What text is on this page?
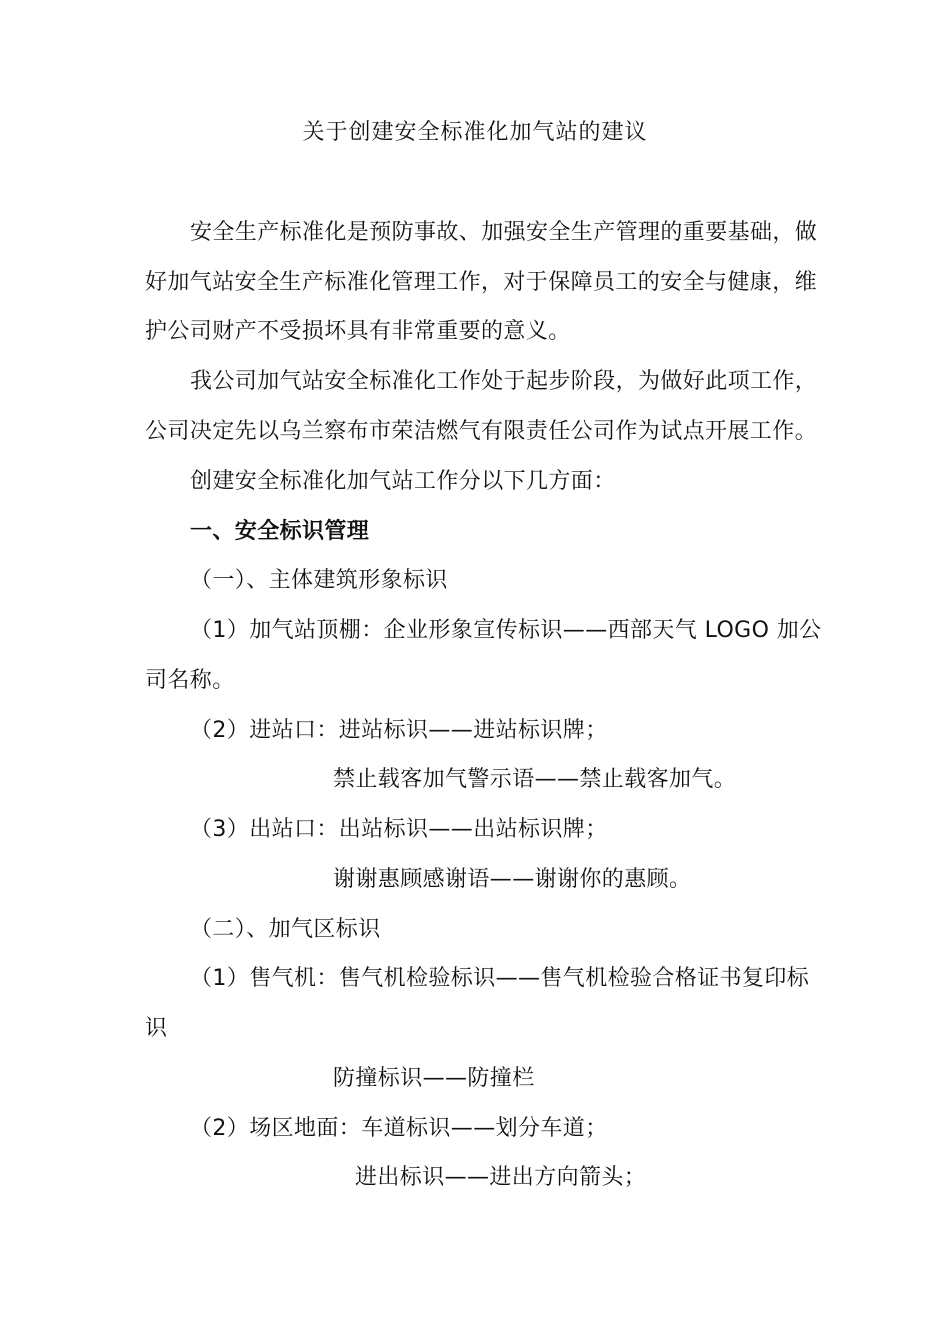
关于创建安全标准化加气站的建议
安全生产标准化是预防事故、加强安全生产管理的重要基础，做
好加气站安全生产标准化管理工作，对于保障员工的安全与健康，维
护公司财产不受损坏具有非常重要的意义。
我公司加气站安全标准化工作处于起步阶段，为做好此项工作，
公司决定先以乌兰察布市荣洁燃气有限责任公司作为试点开展工作。
创建安全标准化加气站工作分以下几方面：
一、安全标识管理
（一）、主体建筑形象标识
（1）加气站顶棚：企业形象宣传标识——西部天气 LOGO 加公
司名称。
（2）进站口：进站标识——进站标识牌；
禁止载客加气警示语——禁止载客加气。
（3）出站口：出站标识——出站标识牌；
谢谢惠顾感谢语——谢谢你的惠顾。
（二）、加气区标识
（1）售气机：售气机检验标识——售气机检验合格证书复印标
识
防撞标识——防撞栏
（2）场区地面：车道标识——划分车道；
进出标识——进出方向箭头；
